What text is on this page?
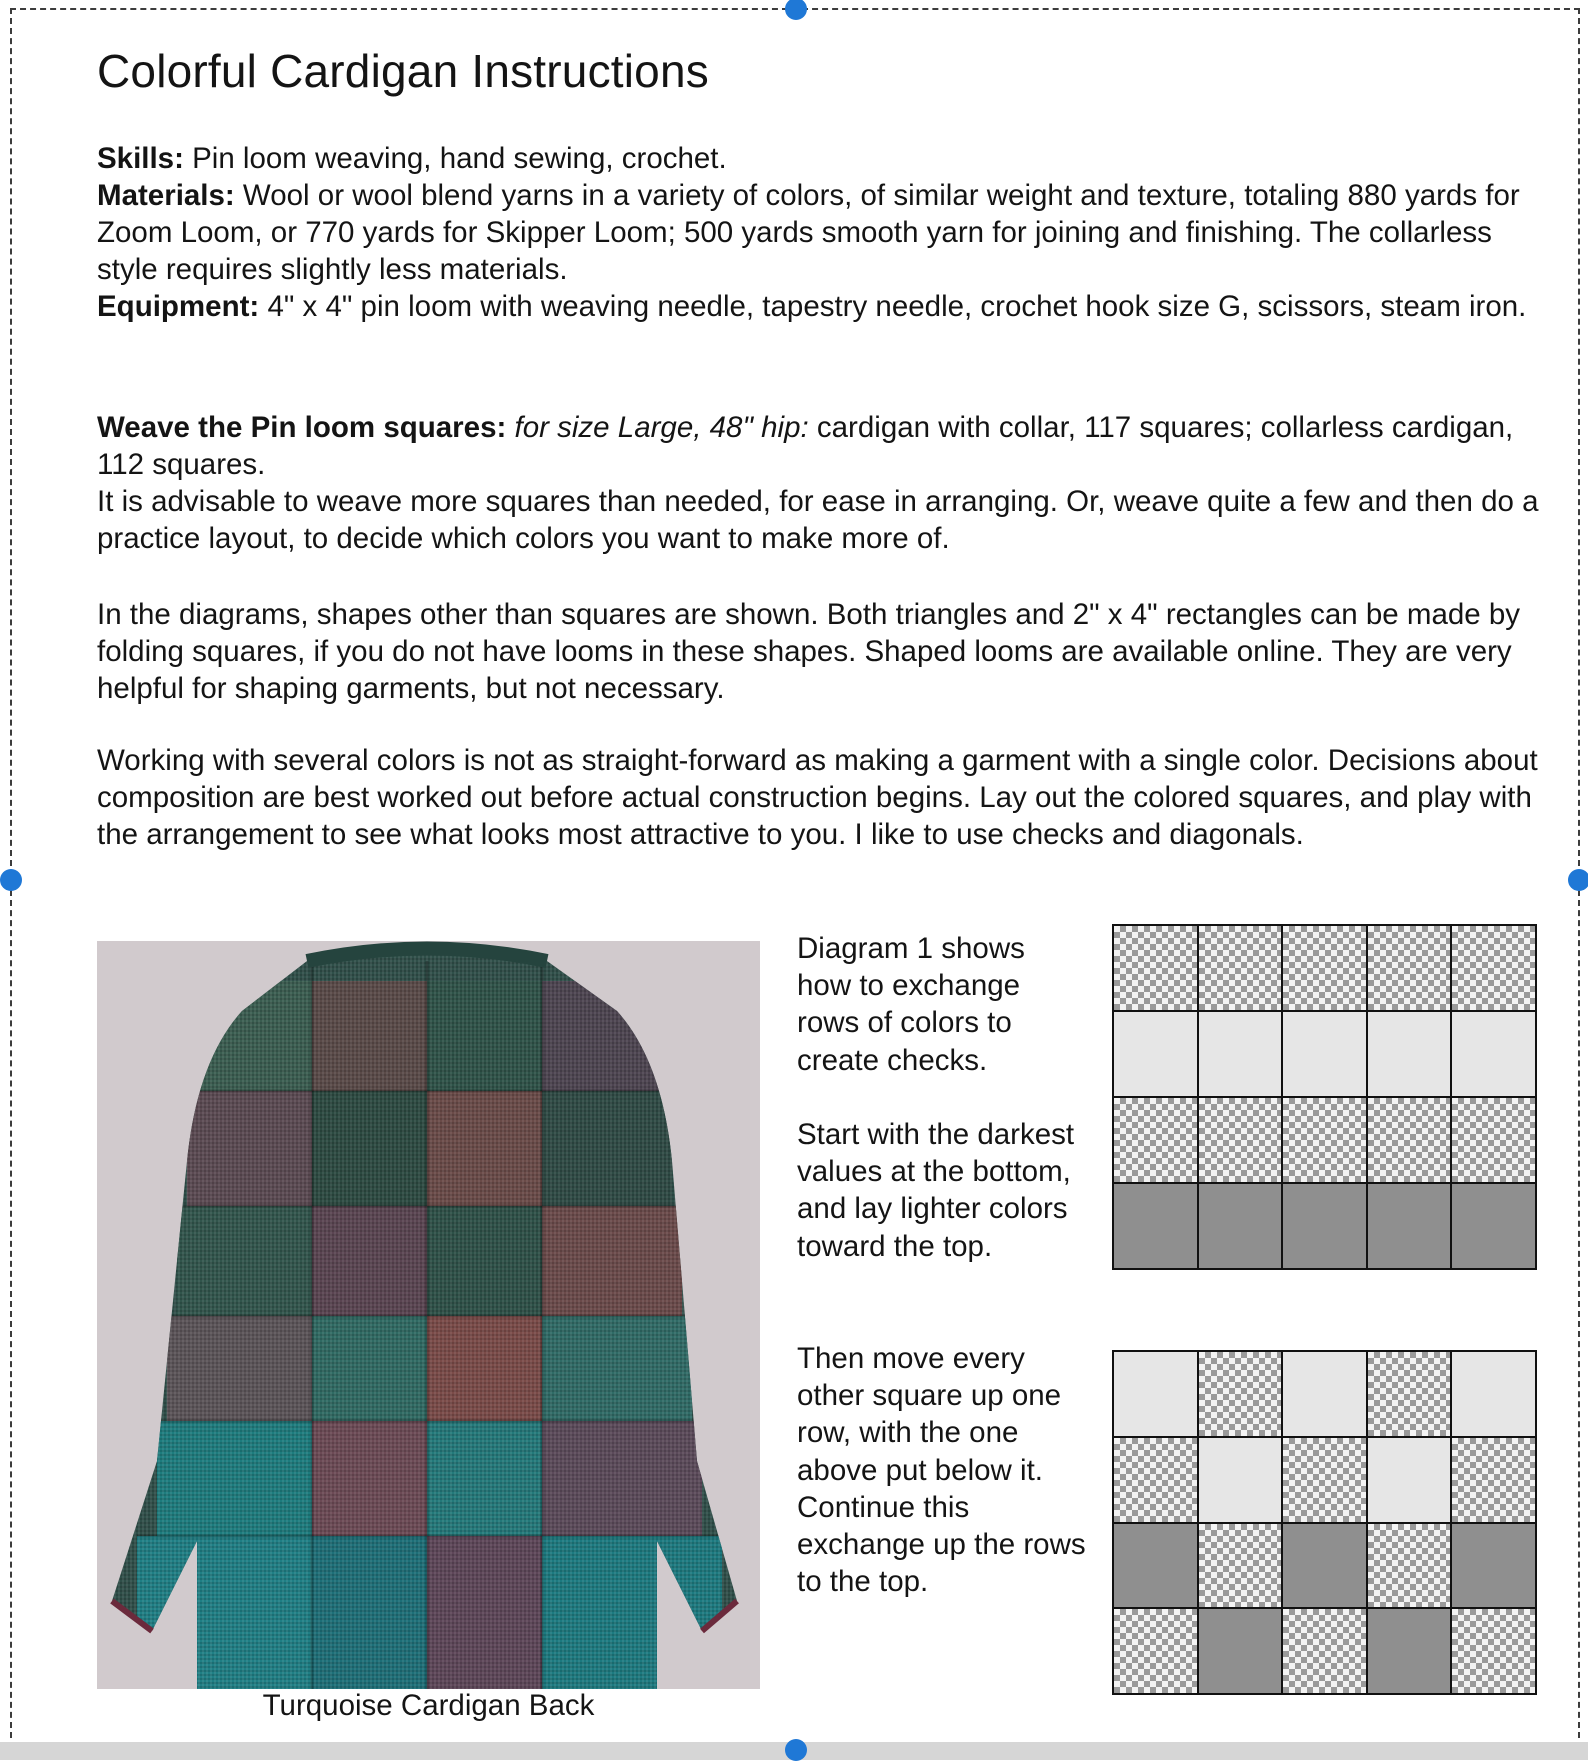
Colorful Cardigan Instructions
Skills: Pin loom weaving, hand sewing, crochet.
Materials: Wool or wool blend yarns in a variety of colors, of similar weight and texture, totaling 880 yards for Zoom Loom, or 770 yards for Skipper Loom; 500 yards smooth yarn for joining and finishing. The collarless style requires slightly less materials.
Equipment: 4" x 4" pin loom with weaving needle, tapestry needle, crochet hook size G, scissors, steam iron.
Weave the Pin loom squares: for size Large, 48" hip: cardigan with collar, 117 squares; collarless cardigan, 112 squares.
It is advisable to weave more squares than needed, for ease in arranging. Or, weave quite a few and then do a practice layout, to decide which colors you want to make more of.

In the diagrams, shapes other than squares are shown. Both triangles and 2" x 4" rectangles can be made by folding squares, if you do not have looms in these shapes. Shaped looms are available online. They are very helpful for shaping garments, but not necessary.

Working with several colors is not as straight-forward as making a garment with a single color. Decisions about composition are best worked out before actual construction begins. Lay out the colored squares, and play with the arrangement to see what looks most attractive to you. I like to use checks and diagonals.

Turquoise Cardigan Back

Diagram 1 shows how to exchange rows of colors to create checks.

Start with the darkest values at the bottom, and lay lighter colors toward the top.

Then move every other square up one row, with the one above put below it. Continue this exchange up the rows to the top.
